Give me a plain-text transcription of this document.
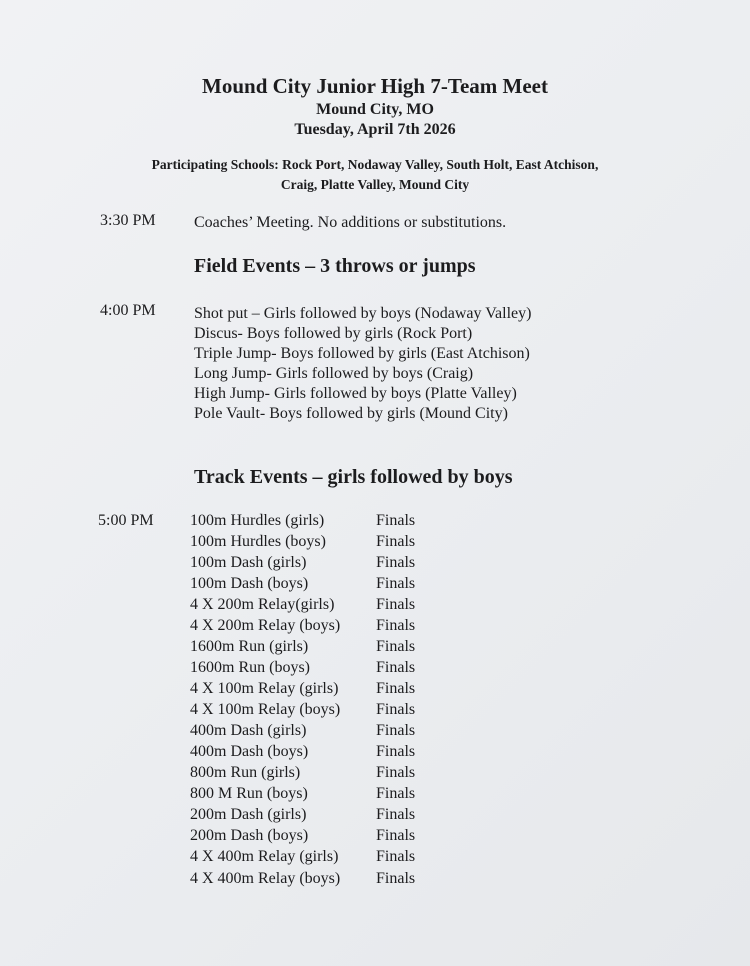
Mound City Junior High 7-Team Meet
Mound City, MO
Tuesday, April 7th 2026
Participating Schools: Rock Port, Nodaway Valley, South Holt, East Atchison,
Craig, Platte Valley, Mound City
3:30 PM Coaches’ Meeting. No additions or substitutions.
Field Events – 3 throws or jumps
4:00 PM Shot put – Girls followed by boys (Nodaway Valley)
Discus- Boys followed by girls (Rock Port)
Triple Jump- Boys followed by girls (East Atchison)
Long Jump- Girls followed by boys (Craig)
High Jump- Girls followed by boys (Platte Valley)
Pole Vault- Boys followed by girls (Mound City)
Track Events – girls followed by boys
5:00 PM 100m Hurdles (girls)	Finals
100m Hurdles (boys)	Finals
100m Dash (girls)	Finals
100m Dash (boys)	Finals
4 X 200m Relay(girls)	Finals
4 X 200m Relay (boys) Finals
1600m Run (girls)	Finals
1600m Run (boys)	Finals
4 X 100m Relay (girls) Finals
4 X 100m Relay (boys) Finals
400m Dash (girls)	Finals
400m Dash (boys)	Finals
800m Run (girls)	Finals
800 M Run (boys)	Finals
200m Dash (girls)	Finals
200m Dash (boys)	Finals
4 X 400m Relay (girls) Finals
4 X 400m Relay (boys) Finals
